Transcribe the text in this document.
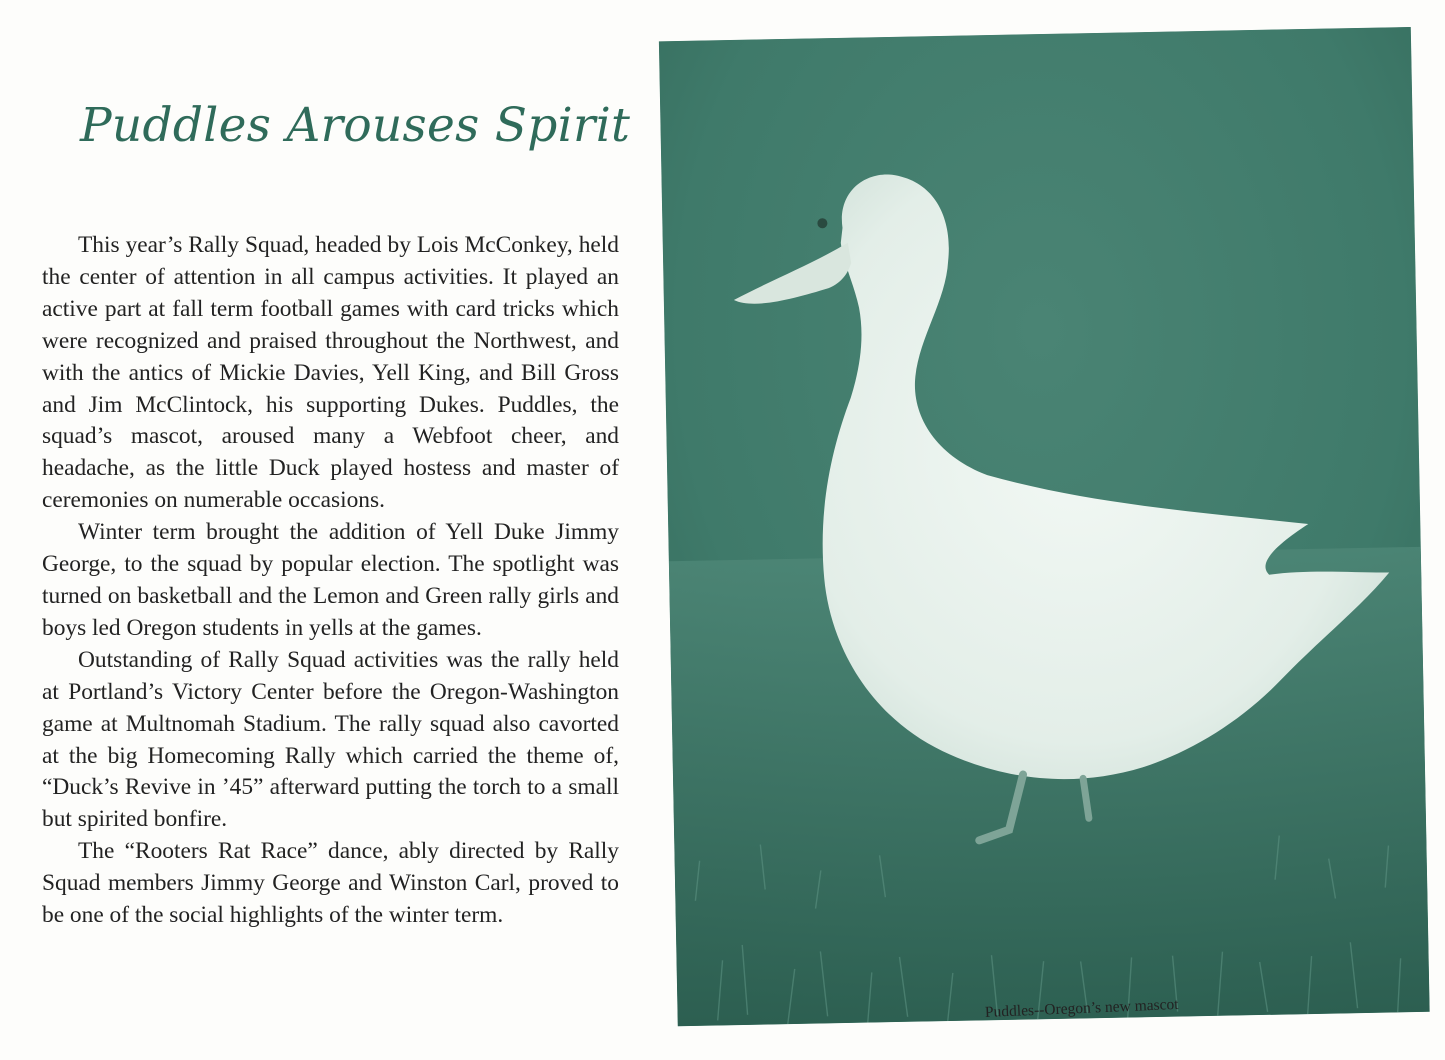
Puddles Arouses Spirit

This year’s Rally Squad, headed by Lois McConkey, held the center of attention in all campus activities. It played an active part at fall term football games with card tricks which were recognized and praised throughout the Northwest, and with the antics of Mickie Davies, Yell King, and Bill Gross and Jim McClintock, his supporting Dukes. Puddles, the squad’s mascot, aroused many a Webfoot cheer, and headache, as the little Duck played hostess and master of ceremonies on numerable occasions.

Winter term brought the addition of Yell Duke Jimmy George, to the squad by popular election. The spotlight was turned on basketball and the Lemon and Green rally girls and boys led Oregon students in yells at the games.

Outstanding of Rally Squad activities was the rally held at Portland’s Victory Center before the Oregon-Washington game at Multnomah Stadium. The rally squad also cavorted at the big Homecoming Rally which carried the theme of, “Duck’s Revive in ’45” afterward putting the torch to a small but spirited bonfire.

The “Rooters Rat Race” dance, ably directed by Rally Squad members Jimmy George and Winston Carl, proved to be one of the social highlights of the winter term.

Puddles--Oregon’s new mascot
